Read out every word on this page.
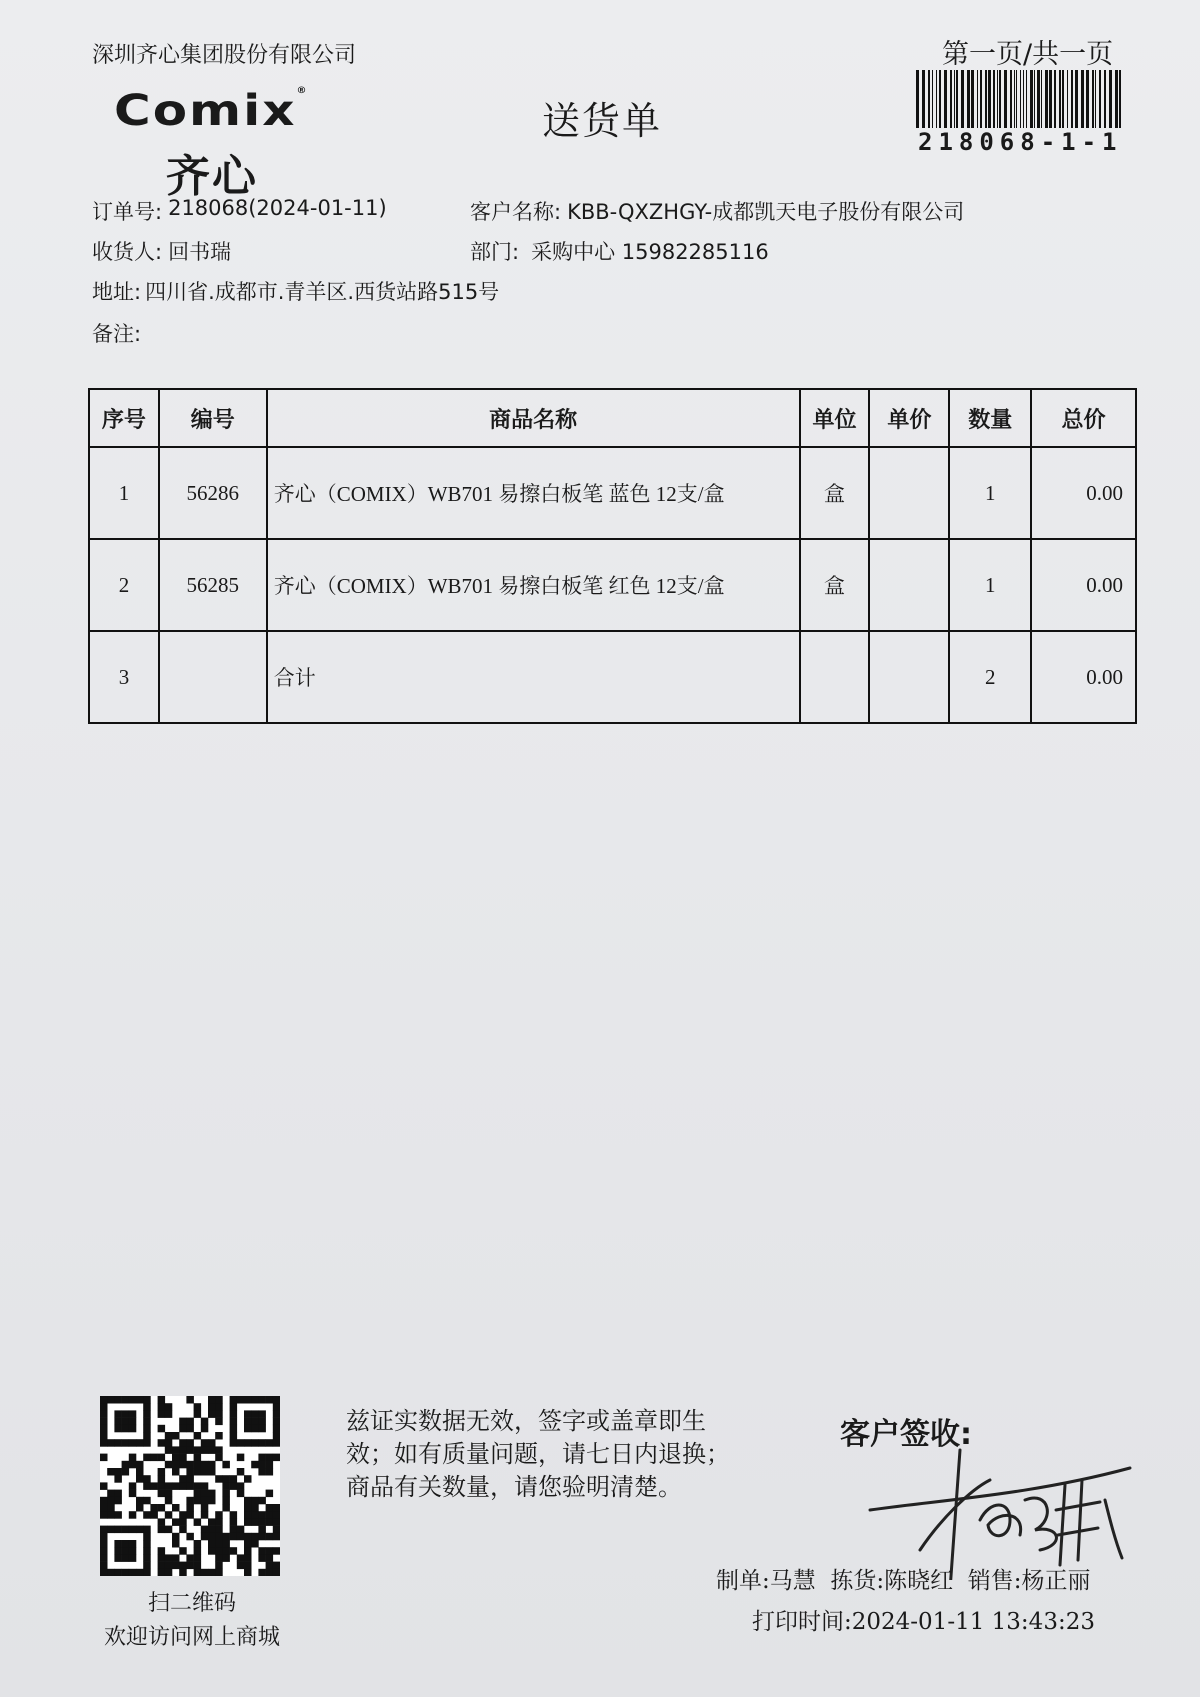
深圳齐心集团股份有限公司	第一页/共一页
218068-1-1
Comix®
齐心
送货单
订单号: 218068(2024-01-11)	客户名称: KBB-QXZHGY-成都凯天电子股份有限公司
收货人: 回书瑞	部门: 采购中心 15982285116
地址: 四川省.成都市.青羊区.西货站路515号
备注:
序号	编号	商品名称	单位	单价	数量	总价
1	56286	齐心（COMIX）WB701 易擦白板笔 蓝色 12支/盒	盒		1	0.00
2	56285	齐心（COMIX）WB701 易擦白板笔 红色 12支/盒	盒		1	0.00
3		合计			2	0.00
扫二维码
欢迎访问网上商城
兹证实数据无效，签字或盖章即生
效；如有质量问题，请七日内退换；
商品有关数量，请您验明清楚。
客户签收:
制单:马慧  拣货:陈晓红  销售:杨正丽
打印时间:2024-01-11 13:43:23
